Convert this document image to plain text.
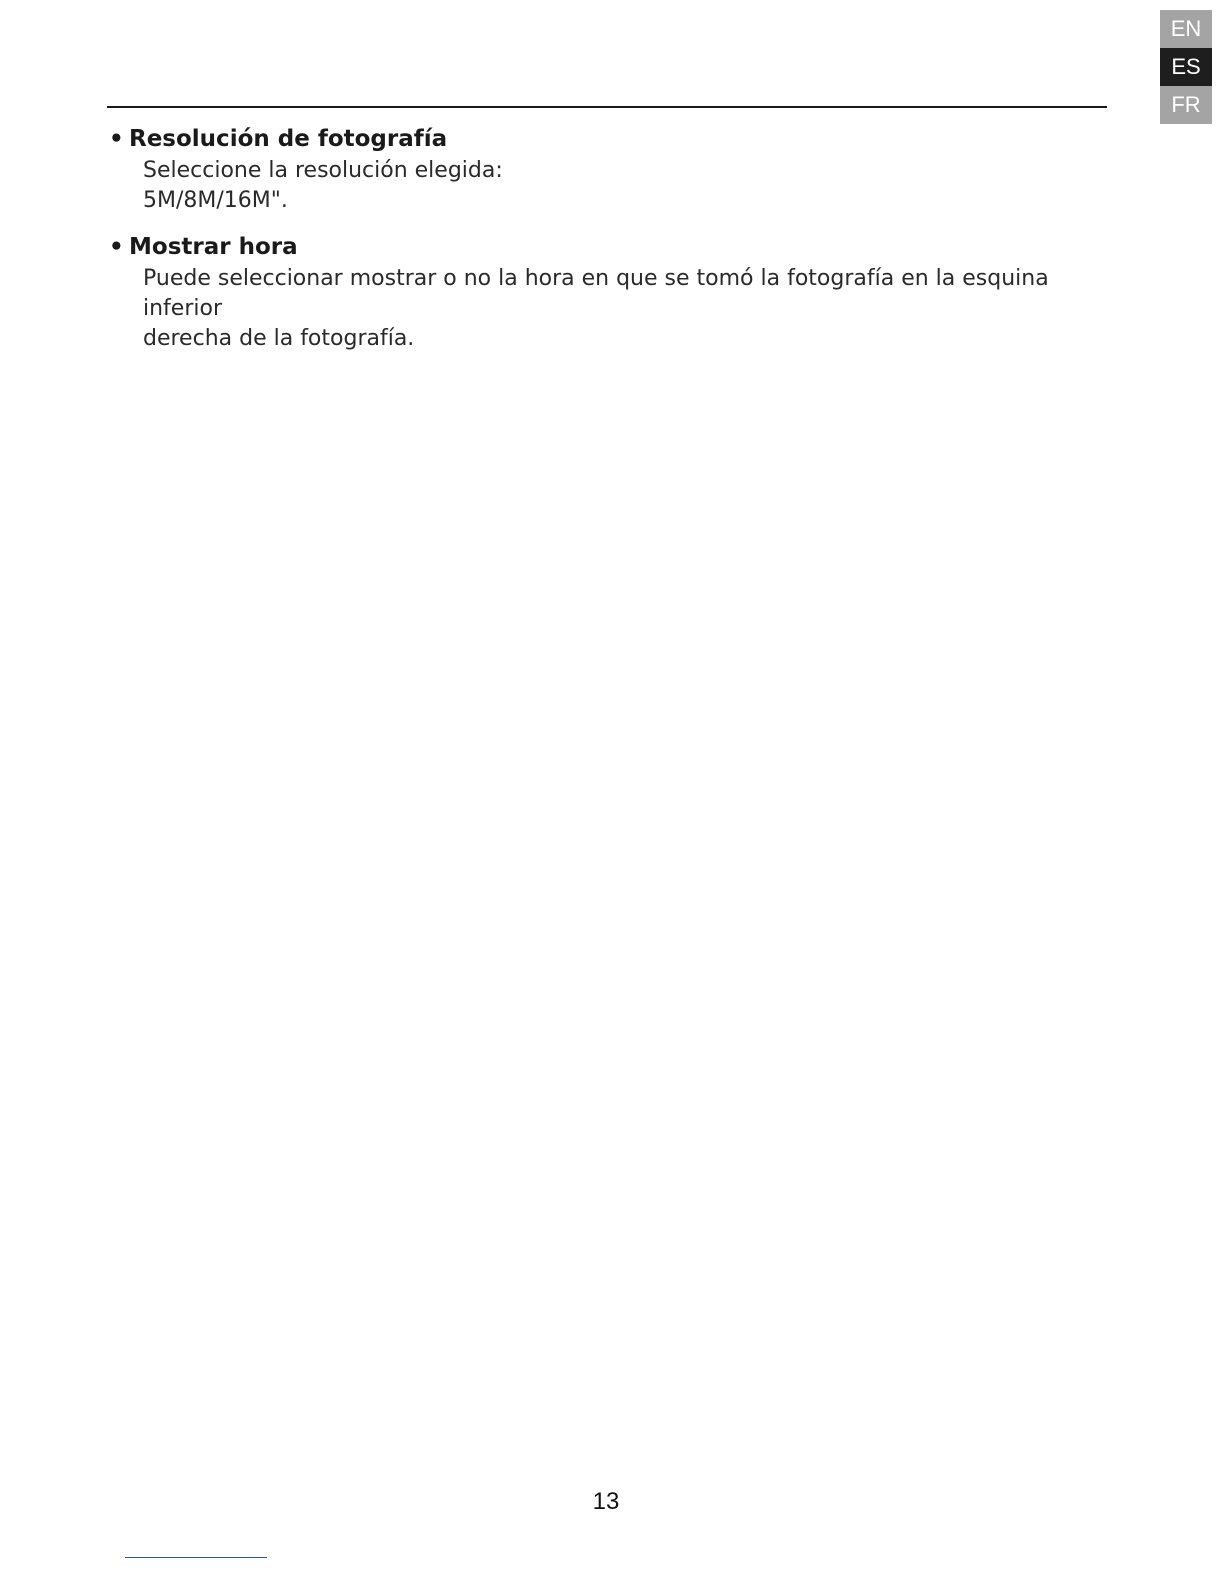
EN
ES
FR
• Resolución de fotografía
Seleccione la resolución elegida:
5M/8M/16M".
• Mostrar hora
Puede seleccionar mostrar o no la hora en que se tomó la fotografía en la esquina inferior
derecha de la fotografía.
13
